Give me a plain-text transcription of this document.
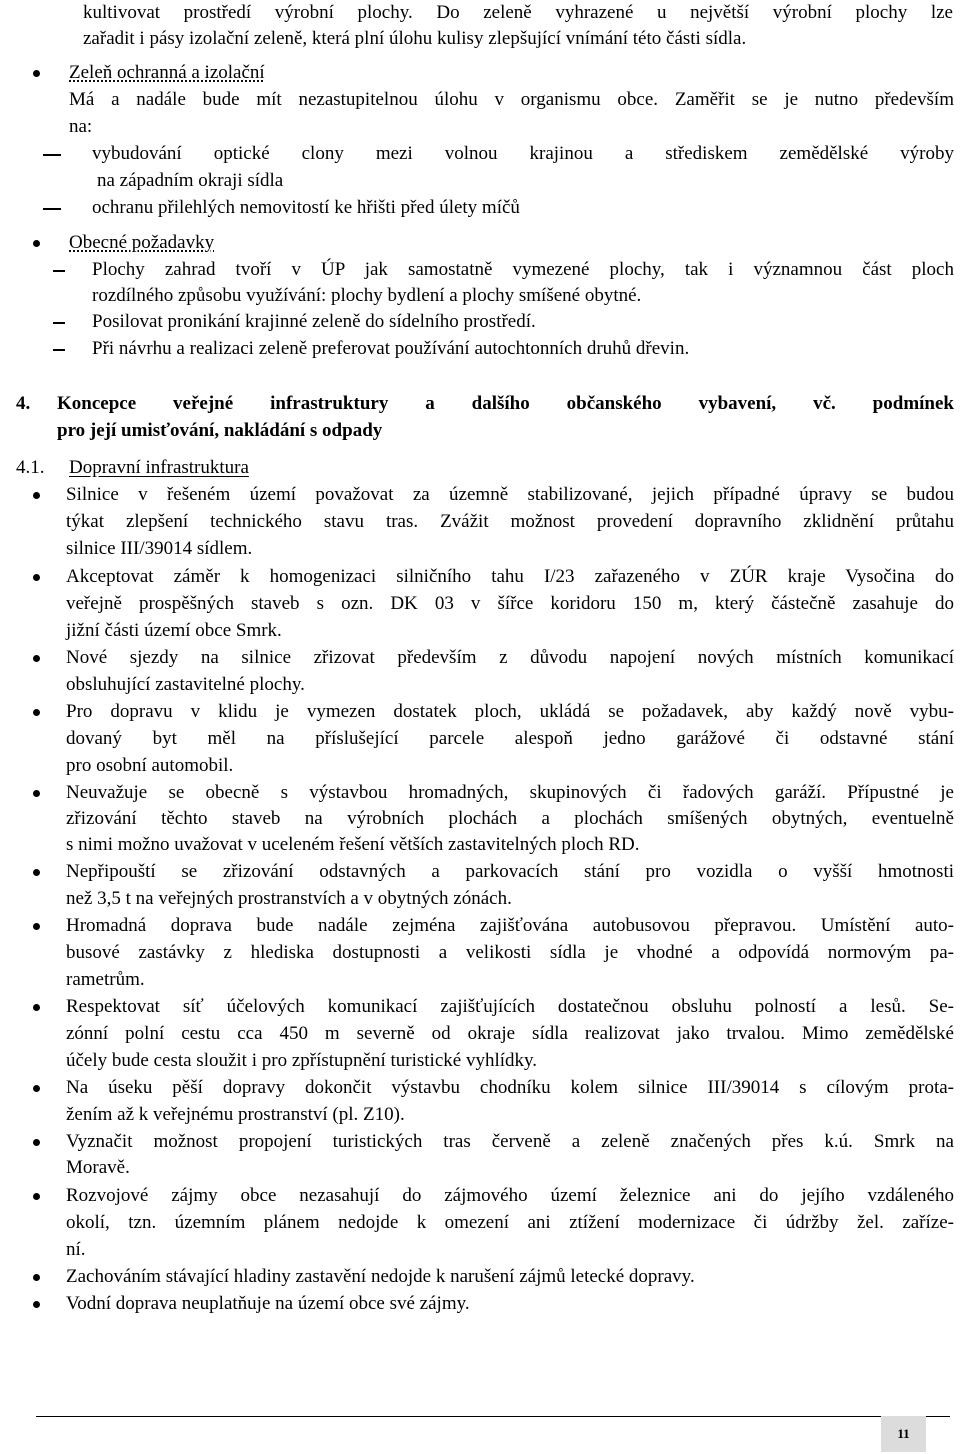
kultivovat prostředí výrobní plochy. Do zeleně vyhrazené u největší výrobní plochy lze
zařadit i pásy izolační zeleně, která plní úlohu kulisy zlepšující vnímání této části sídla.
Zeleň ochranná a izolační
Má a nadále bude mít nezastupitelnou úlohu v organismu obce. Zaměřit se je nutno především
na:
vybudování optické clony mezi volnou krajinou a střediskem zemědělské výroby
na západním okraji sídla
ochranu přilehlých nemovitostí ke hřišti před úlety míčů
Obecné požadavky
Plochy zahrad tvoří v ÚP jak samostatně vymezené plochy, tak i významnou část ploch
rozdílného způsobu využívání: plochy bydlení a plochy smíšené obytné.
Posilovat pronikání krajinné zeleně do sídelního prostředí.
Při návrhu a realizaci zeleně preferovat používání autochtonních druhů dřevin.
4. Koncepce veřejné infrastruktury a dalšího občanského vybavení, vč. podmínek
pro její umisťování, nakládání s odpady
4.1. Dopravní infrastruktura
Silnice v řešeném území považovat za územně stabilizované, jejich případné úpravy se budou
týkat zlepšení technického stavu tras. Zvážit možnost provedení dopravního zklidnění průtahu
silnice III/39014 sídlem.
Akceptovat záměr k homogenizaci silničního tahu I/23 zařazeného v ZÚR kraje Vysočina do
veřejně prospěšných staveb s ozn. DK 03 v šířce koridoru 150 m, který částečně zasahuje do
jižní části území obce Smrk.
Nové sjezdy na silnice zřizovat především z důvodu napojení nových místních komunikací
obsluhující zastavitelné plochy.
Pro dopravu v klidu je vymezen dostatek ploch, ukládá se požadavek, aby každý nově vybu-
dovaný byt měl na příslušející parcele alespoň jedno garážové či odstavné stání
pro osobní automobil.
Neuvažuje se obecně s výstavbou hromadných, skupinových či řadových garáží. Přípustné je
zřizování těchto staveb na výrobních plochách a plochách smíšených obytných, eventuelně
s nimi možno uvažovat v uceleném řešení větších zastavitelných ploch RD.
Nepřipouští se zřizování odstavných a parkovacích stání pro vozidla o vyšší hmotnosti
než 3,5 t na veřejných prostranstvích a v obytných zónách.
Hromadná doprava bude nadále zejména zajišťována autobusovou přepravou. Umístění auto-
busové zastávky z hlediska dostupnosti a velikosti sídla je vhodné a odpovídá normovým pa-
rametrům.
Respektovat síť účelových komunikací zajišťujících dostatečnou obsluhu polností a lesů. Se-
zónní polní cestu cca 450 m severně od okraje sídla realizovat jako trvalou. Mimo zemědělské
účely bude cesta sloužit i pro zpřístupnění turistické vyhlídky.
Na úseku pěší dopravy dokončit výstavbu chodníku kolem silnice III/39014 s cílovým prota-
žením až k veřejnému prostranství (pl. Z10).
Vyznačit možnost propojení turistických tras červeně a zeleně značených přes k.ú. Smrk na
Moravě.
Rozvojové zájmy obce nezasahují do zájmového území železnice ani do jejího vzdáleného
okolí, tzn. územním plánem nedojde k omezení ani ztížení modernizace či údržby žel. zaříze-
ní.
Zachováním stávající hladiny zastavění nedojde k narušení zájmů letecké dopravy.
Vodní doprava neuplatňuje na území obce své zájmy.
11
